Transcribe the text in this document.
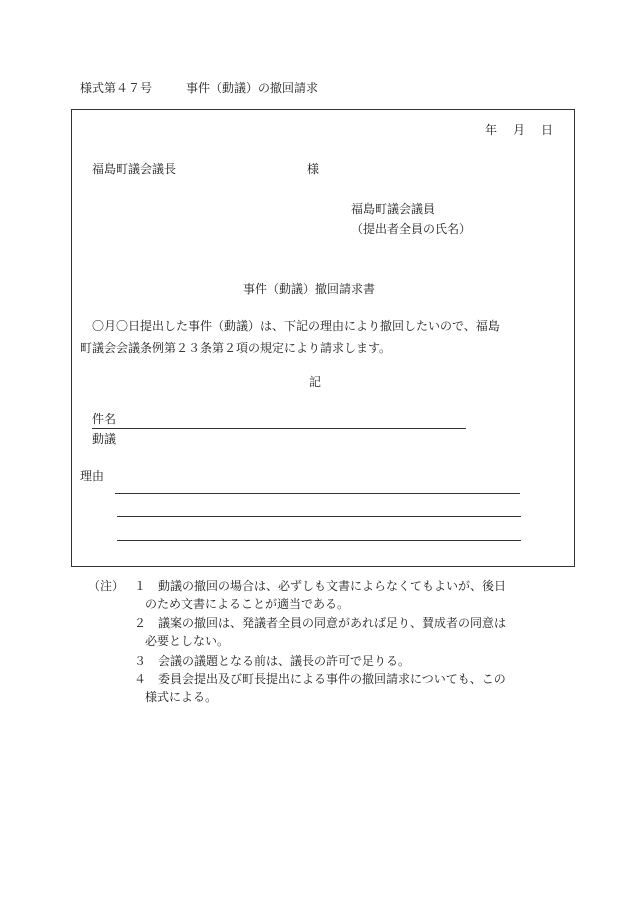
様式第４７号	事件（動議）の撤回請求
年　月　日
福島町議会議長	様
福島町議会議員
（提出者全員の氏名）
事件（動議）撤回請求書
〇月〇日提出した事件（動議）は、下記の理由により撤回したいので、福島
町議会会議条例第２３条第２項の規定により請求します。
記
件名
動議
理由
（注） １ 動議の撤回の場合は、必ずしも文書によらなくてもよいが、後日
のため文書によることが適当である。
２ 議案の撤回は、発議者全員の同意があれば足り、賛成者の同意は
必要としない。
３ 会議の議題となる前は、議長の許可で足りる。
４ 委員会提出及び町長提出による事件の撤回請求についても、この
様式による。
